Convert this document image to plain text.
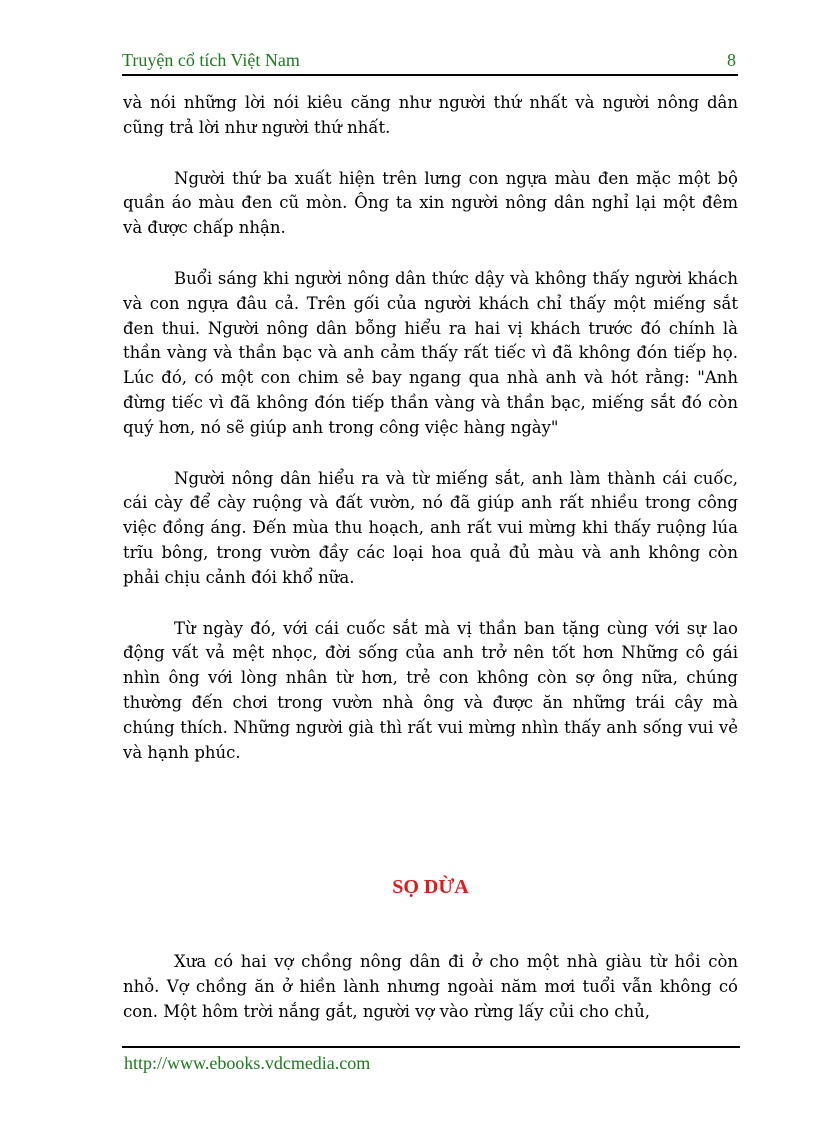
Truyện cổ tích Việt Nam	8

và nói những lời nói kiêu căng như người thứ nhất và người nông dân cũng trả lời như người thứ nhất.

Người thứ ba xuất hiện trên lưng con ngựa màu đen mặc một bộ quần áo màu đen cũ mòn. Ông ta xin người nông dân nghỉ lại một đêm và được chấp nhận.

Buổi sáng khi người nông dân thức dậy và không thấy người khách và con ngựa đâu cả. Trên gối của người khách chỉ thấy một miếng sắt đen thui. Người nông dân bỗng hiểu ra hai vị khách trước đó chính là thần vàng và thần bạc và anh cảm thấy rất tiếc vì đã không đón tiếp họ. Lúc đó, có một con chim sẻ bay ngang qua nhà anh và hót rằng: "Anh đừng tiếc vì đã không đón tiếp thần vàng và thần bạc, miếng sắt đó còn quý hơn, nó sẽ giúp anh trong công việc hàng ngày"

Người nông dân hiểu ra và từ miếng sắt, anh làm thành cái cuốc, cái cày để cày ruộng và đất vườn, nó đã giúp anh rất nhiều trong công việc đồng áng. Đến mùa thu hoạch, anh rất vui mừng khi thấy ruộng lúa trĩu bông, trong vườn đầy các loại hoa quả đủ màu và anh không còn phải chịu cảnh đói khổ nữa.

Từ ngày đó, với cái cuốc sắt mà vị thần ban tặng cùng với sự lao động vất vả mệt nhọc, đời sống của anh trở nên tốt hơn Những cô gái nhìn ông với lòng nhân từ hơn, trẻ con không còn sợ ông nữa, chúng thường đến chơi trong vườn nhà ông và được ăn những trái cây mà chúng thích. Những người già thì rất vui mừng nhìn thấy anh sống vui vẻ và hạnh phúc.

SỌ DỪA

Xưa có hai vợ chồng nông dân đi ở cho một nhà giàu từ hồi còn nhỏ. Vợ chồng ăn ở hiền lành nhưng ngoài năm mơi tuổi vẫn không có con. Một hôm trời nắng gắt, người vợ vào rừng lấy củi cho chủ,

http://www.ebooks.vdcmedia.com
